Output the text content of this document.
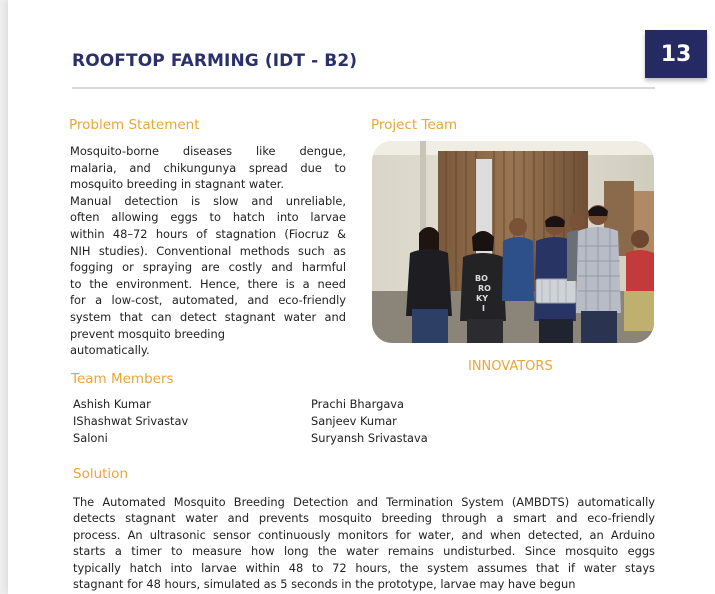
ROOFTOP FARMING (IDT - B2)	13
Problem Statement
Mosquito-borne diseases like dengue,
malaria, and chikungunya spread due to
mosquito breeding in stagnant water.
Manual detection is slow and unreliable,
often allowing eggs to hatch into larvae
within 48–72 hours of stagnation (Fiocruz &
NIH studies). Conventional methods such as
fogging or spraying are costly and harmful
to the environment. Hence, there is a need
for a low-cost, automated, and eco-friendly
system that can detect stagnant water and
prevent mosquito breeding
automatically.
Project Team
BO
RO
KY
I
INNOVATORS
Team Members
Ashish Kumar
IShashwat Srivastav
Saloni
Prachi Bhargava
Sanjeev Kumar
Suryansh Srivastava
Solution
The Automated Mosquito Breeding Detection and Termination System (AMBDTS) automatically
detects stagnant water and prevents mosquito breeding through a smart and eco-friendly
process. An ultrasonic sensor continuously monitors for water, and when detected, an Arduino
starts a timer to measure how long the water remains undisturbed. Since mosquito eggs
typically hatch into larvae within 48 to 72 hours, the system assumes that if water stays
stagnant for 48 hours, simulated as 5 seconds in the prototype, larvae may have begun
